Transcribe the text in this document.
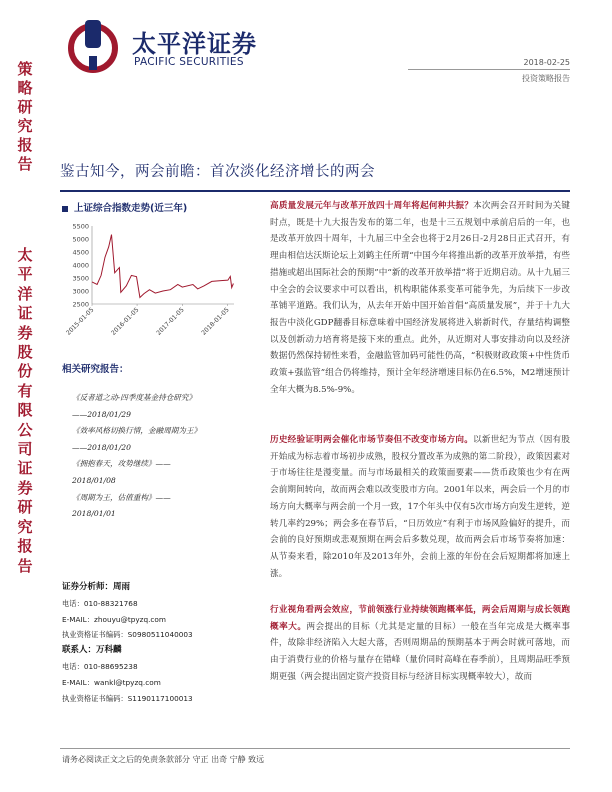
太平洋证券
PACIFIC SECURITIES	2018-02-25
投资策略报告
策
略
研
究
报
告
太
平
洋
证
券
股
份
有
限
公
司
证
券
研
究
报
告
鉴古知今，两会前瞻：首次淡化经济增长的两会
上证综合指数走势(近三年)
2500
3000
3500
4000
4500
5000
5500
2015-01-05 2016-01-05 2017-01-05 2018-01-05
相关研究报告：
《反者道之动-四季度基金持仓研究》
——2018/01/29
《效率风格切换行情，金融周期为王》
——2018/01/20
《拥抱春天，攻势继续》——
2018/01/08
《周期为王，估值重构》——
2018/01/01
证券分析师：周雨
电话：010-88321768
E-MAIL：zhouyu@tpyzq.com
执业资格证书编码：S0980511040003
联系人：万科麟
电话：010-88695238
E-MAIL：wankl@tpyzq.com
执业资格证书编码：S1190117100013
高质量发展元年与改革开放四十周年将起何种共振？本次两会召开时间为关键时点，既是十九大报告发布的第二年，也是十三五规划中承前启后的一年，也是改革开放四十周年，十九届三中全会也将于2月26日-2月28日正式召开，有理由相信达沃斯论坛上刘鹤主任所谓“中国今年将推出新的改革开放举措，有些措施或超出国际社会的预期”中“新的改革开放举措”将于近期启动。从十九届三中全会的会议要求中可以看出，机构职能体系变革可能争先，为后续下一步改革铺平道路。我们认为，从去年开始中国开始首倡“高质量发展”，并于十九大报告中淡化GDP翻番目标意味着中国经济发展将进入崭新时代，存量结构调整以及创新动力培育将是接下来的重点。此外，从近期对人事安排动向以及经济数据仍然保持韧性来看，金融监管加码可能性仍高，“积极财政政策+中性货币政策+强监管”组合仍将维持，预计全年经济增速目标仍在6.5%，M2增速预计全年大概为8.5%-9%。
历史经验证明两会催化市场节奏但不改变市场方向。以新世纪为节点（因有股开始成为标志着市场初步成熟，股权分置改革为成熟的第二阶段），政策因素对于市场往往是漫变量。而与市场最相关的政策面要素——货币政策也少有在两会前期间转向，故而两会难以改变股市方向。2001年以来，两会后一个月的市场方向大概率与两会前一个月一致，17个年头中仅有5次市场方向发生逆转，逆转几率约29%；两会多在春节后，“日历效应”有利于市场风险偏好的提升，而会前的良好预期或悲观预期在两会后多数兑现，故而两会后市场节奏将加速：从节奏来看，除2010年及2013年外，会前上涨的年份在会后短期都将加速上涨。
行业视角看两会效应，节前领涨行业持续领跑概率低，两会后周期与成长领跑概率大。两会提出的目标（尤其是定量的目标）一般在当年完成是大概率事件，故除非经济陷入大起大落，否则周期品的预期基本于两会时就可落地，而由于消费行业的价格与量存在错峰（量价同时高峰在春季前），且周期品旺季预期更强（两会提出固定资产投资目标与经济目标实现概率较大），故而
请务必阅读正文之后的免责条款部分 守正 出奇 宁静 致远
